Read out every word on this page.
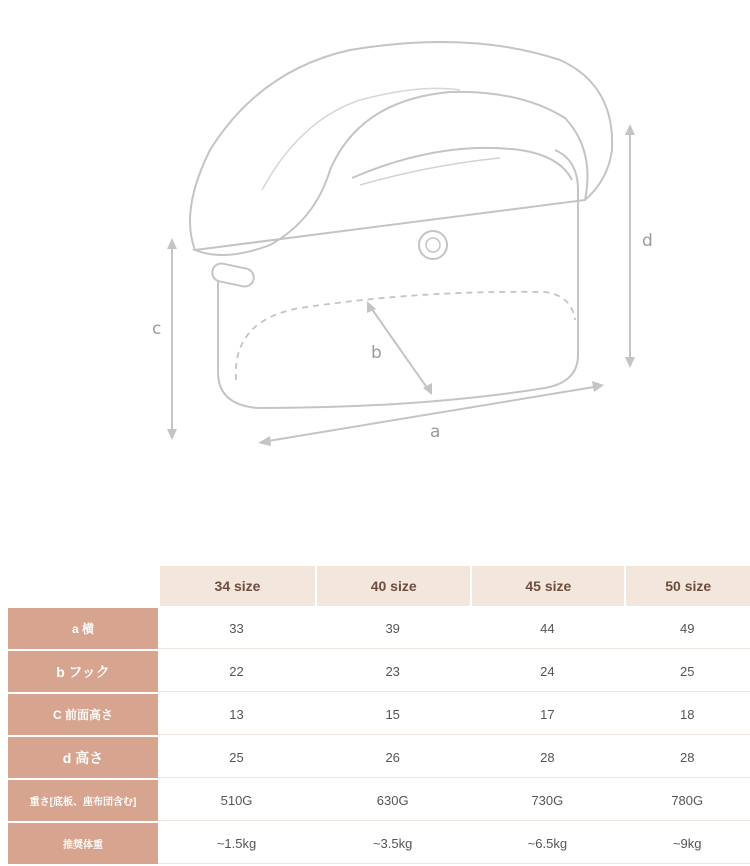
a
b
c
d
	34 size	40 size	45 size	50 size
a 横	33	39	44	49
b フック	22	23	24	25
C 前面高さ	13	15	17	18
d 高さ	25	26	28	28
重さ[底板、座布団含む]	510G	630G	730G	780G
推奨体重	~1.5kg	~3.5kg	~6.5kg	~9kg
